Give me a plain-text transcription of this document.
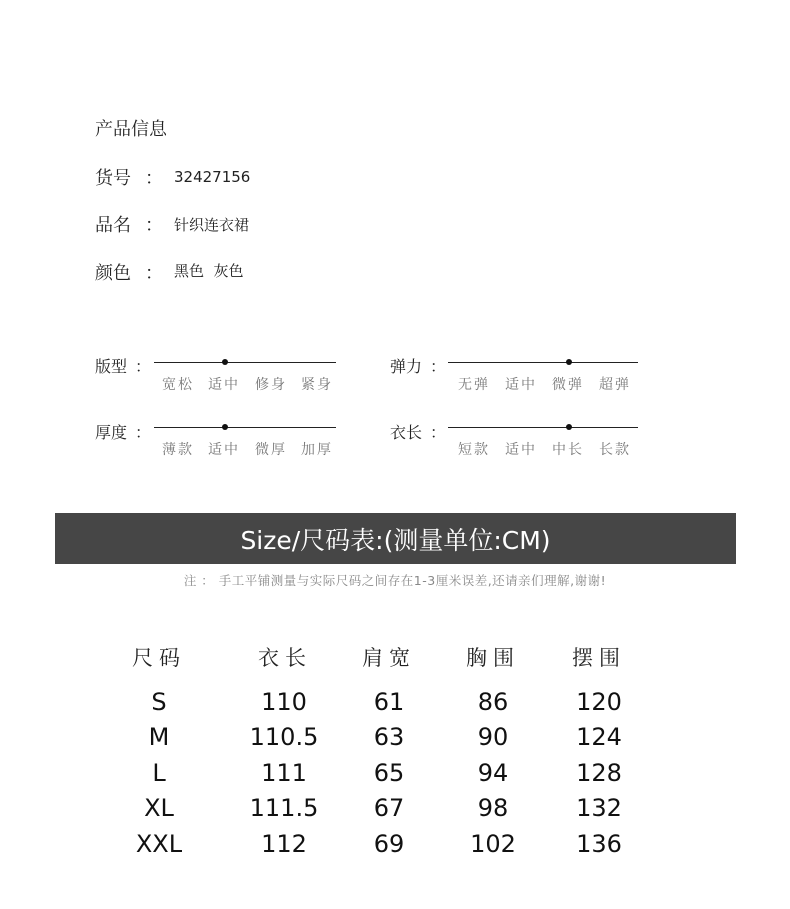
产品信息
货号 ： 32427156
品名 ： 针织连衣裙
颜色 ： 黑色  灰色
版型 ：
宽松 适中 修身 紧身
弹力 ：
无弹 适中 微弹 超弹
厚度 ：
薄款 适中 微厚 加厚
衣长 ：
短款 适中 中长 长款
Size/尺码表:(测量单位:CM)
注 ： 手工平铺测量与实际尺码之间存在1-3厘米误差,还请亲们理解,谢谢!
尺码	衣长	肩宽	胸围	摆围
S	110	61	86	120
M	110.5	63	90	124
L	111	65	94	128
XL	111.5	67	98	132
XXL	112	69	102	136
